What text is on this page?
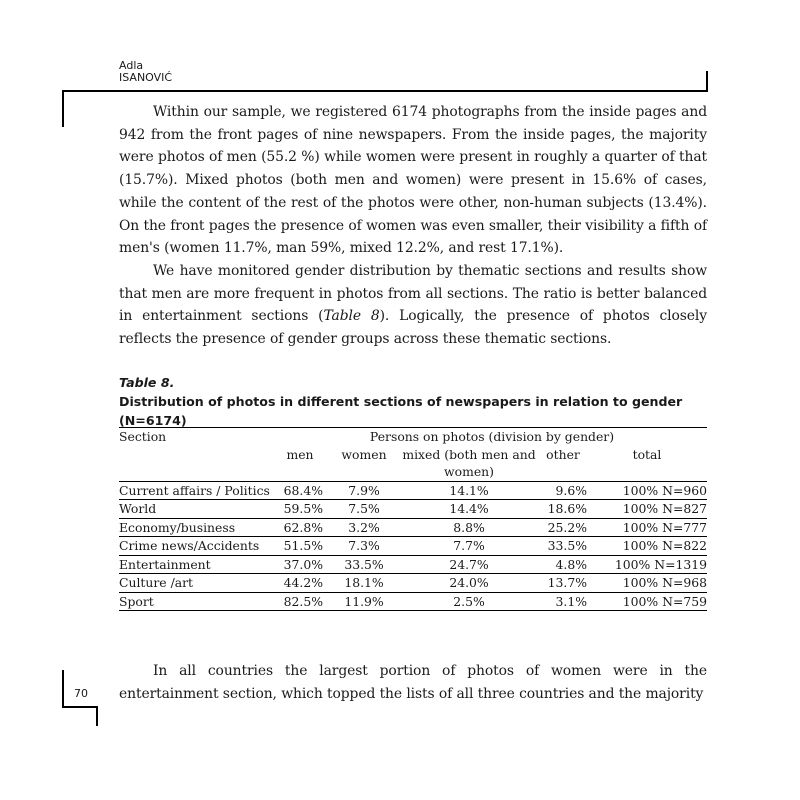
Adla
ISANOVIĆ

Within our sample, we registered 6174 photographs from the inside pages and 942 from the front pages of nine newspapers. From the inside pages, the majority were photos of men (55.2 %) while women were present in roughly a quarter of that (15.7%). Mixed photos (both men and women) were present in 15.6% of cases, while the content of the rest of the photos were other, non-human subjects (13.4%). On the front pages the presence of women was even smaller, their visibility a fifth of men's (women 11.7%, man 59%, mixed 12.2%, and rest 17.1%).

We have monitored gender distribution by thematic sections and results show that men are more frequent in photos from all sections. The ratio is better balanced in entertainment sections (Table 8). Logically, the presence of photos closely reflects the presence of gender groups across these thematic sections.

Table 8.
Distribution of photos in different sections of newspapers in relation to gender (N=6174)
Section	Persons on photos (division by gender)				
	men	women	mixed (both men and women)	other	total
Current affairs / Politics	68.4%	7.9%	14.1%	9.6%	100% N=960
World	59.5%	7.5%	14.4%	18.6%	100% N=827
Economy/business	62.8%	3.2%	8.8%	25.2%	100% N=777
Crime news/Accidents	51.5%	7.3%	7.7%	33.5%	100% N=822
Entertainment	37.0%	33.5%	24.7%	4.8%	100% N=1319
Culture /art	44.2%	18.1%	24.0%	13.7%	100% N=968
Sport	82.5%	11.9%	2.5%	3.1%	100% N=759

In all countries the largest portion of photos of women were in the entertainment section, which topped the lists of all three countries and the majority

70
